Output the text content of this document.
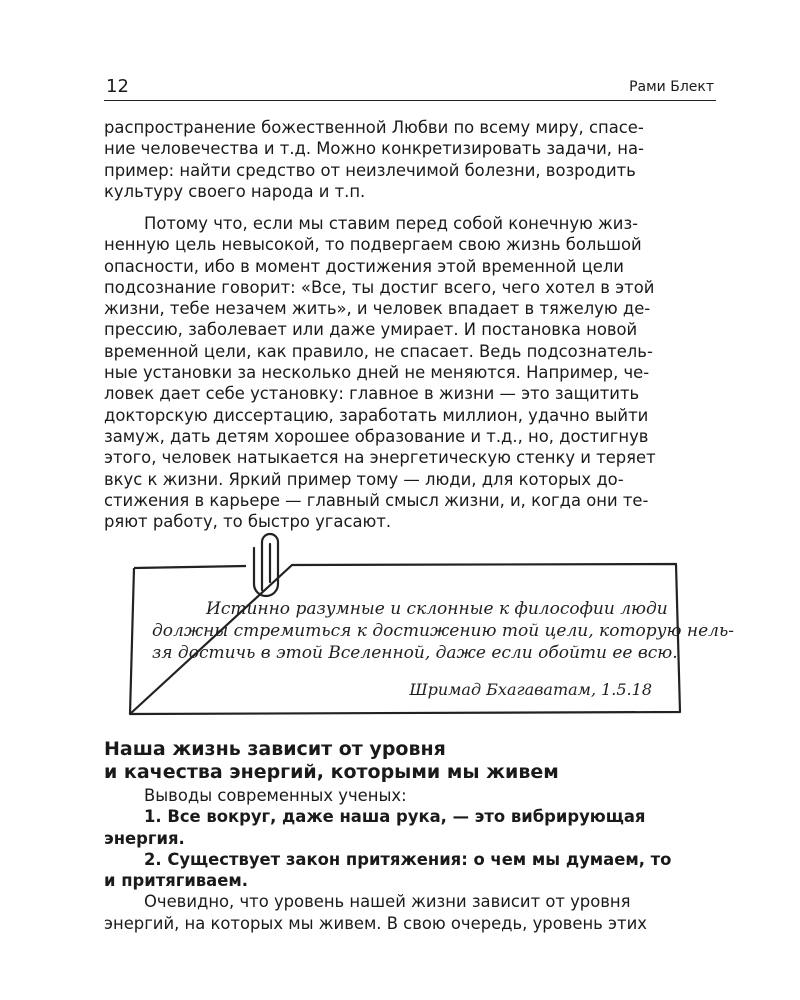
12	Рами Блект
распространение божественной Любви по всему миру, спасе-
ние человечества и т.д. Можно конкретизировать задачи, на-
пример: найти средство от неизлечимой болезни, возродить
культуру своего народа и т.п.
Потому что, если мы ставим перед собой конечную жиз-
ненную цель невысокой, то подвергаем свою жизнь большой
опасности, ибо в момент достижения этой временной цели
подсознание говорит: «Все, ты достиг всего, чего хотел в этой
жизни, тебе незачем жить», и человек впадает в тяжелую де-
прессию, заболевает или даже умирает. И постановка новой
временной цели, как правило, не спасает. Ведь подсознатель-
ные установки за несколько дней не меняются. Например, че-
ловек дает себе установку: главное в жизни — это защитить
докторскую диссертацию, заработать миллион, удачно выйти
замуж, дать детям хорошее образование и т.д., но, достигнув
этого, человек натыкается на энергетическую стенку и теряет
вкус к жизни. Яркий пример тому — люди, для которых до-
стижения в карьере — главный смысл жизни, и, когда они те-
ряют работу, то быстро угасают.
Истинно разумные и склонные к философии люди
должны стремиться к достижению той цели, которую нель-
зя достичь в этой Вселенной, даже если обойти ее всю.
Шримад Бхагаватам, 1.5.18
Наша жизнь зависит от уровня
и качества энергий, которыми мы живем
Выводы современных ученых:
1. Все вокруг, даже наша рука, — это вибрирующая
энергия.
2. Существует закон притяжения: о чем мы думаем, то
и притягиваем.
Очевидно, что уровень нашей жизни зависит от уровня
энергий, на которых мы живем. В свою очередь, уровень этих
